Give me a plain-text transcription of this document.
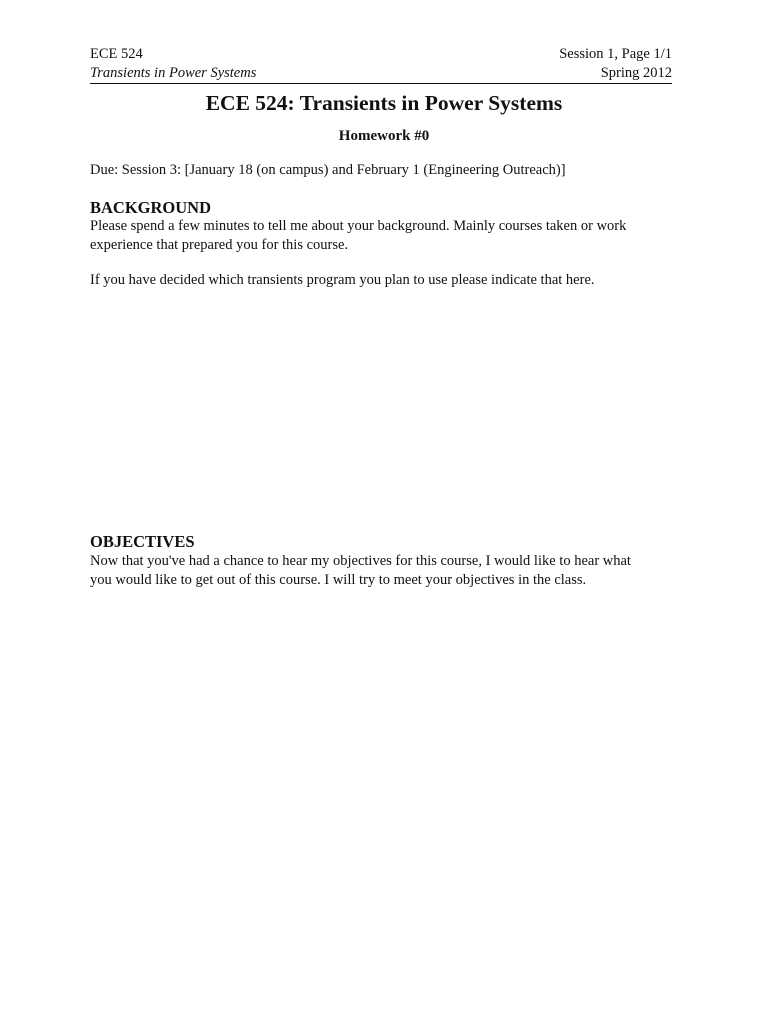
ECE 524	Session 1, Page 1/1
Transients in Power Systems	Spring 2012
ECE 524: Transients in Power Systems
Homework #0
Due: Session 3: [January 18 (on campus) and February 1 (Engineering Outreach)]
BACKGROUND
Please spend a few minutes to tell me about your background. Mainly courses taken or work
experience that prepared you for this course.
If you have decided which transients program you plan to use please indicate that here.
OBJECTIVES
Now that you've had a chance to hear my objectives for this course, I would like to hear what
you would like to get out of this course. I will try to meet your objectives in the class.
